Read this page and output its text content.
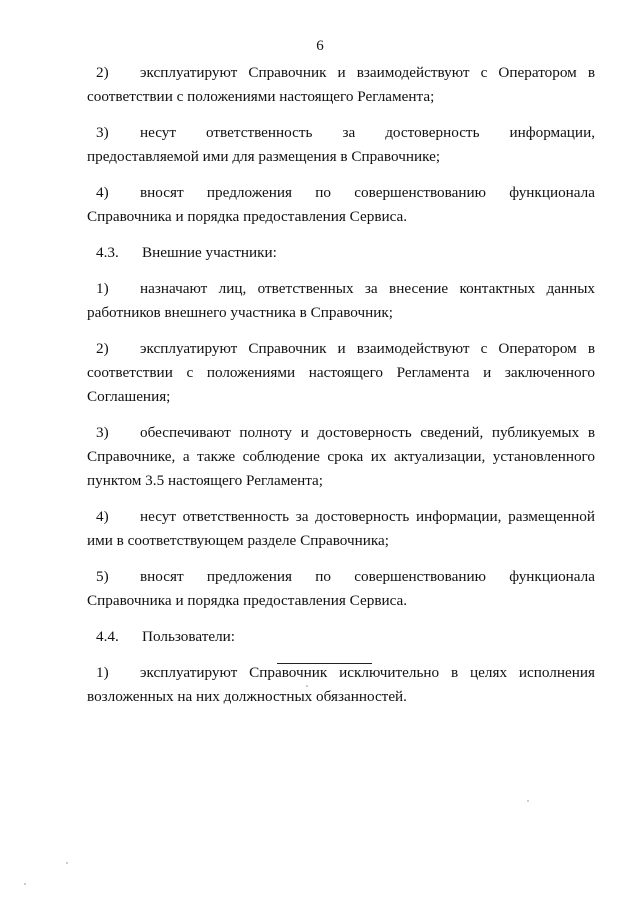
6

2) эксплуатируют Справочник и взаимодействуют с Оператором в соответствии с положениями настоящего Регламента;

3) несут ответственность за достоверность информации, предоставляемой ими для размещения в Справочнике;

4) вносят предложения по совершенствованию функционала Справочника и порядка предоставления Сервиса.

4.3. Внешние участники:

1) назначают лиц, ответственных за внесение контактных данных работников внешнего участника в Справочник;

2) эксплуатируют Справочник и взаимодействуют с Оператором в соответствии с положениями настоящего Регламента и заключенного Соглашения;

3) обеспечивают полноту и достоверность сведений, публикуемых в Справочнике, а также соблюдение срока их актуализации, установленного пунктом 3.5 настоящего Регламента;

4) несут ответственность за достоверность информации, размещенной ими в соответствующем разделе Справочника;

5) вносят предложения по совершенствованию функционала Справочника и порядка предоставления Сервиса.

4.4. Пользователи:

1) эксплуатируют Справочник исключительно в целях исполнения возложенных на них должностных обязанностей.
